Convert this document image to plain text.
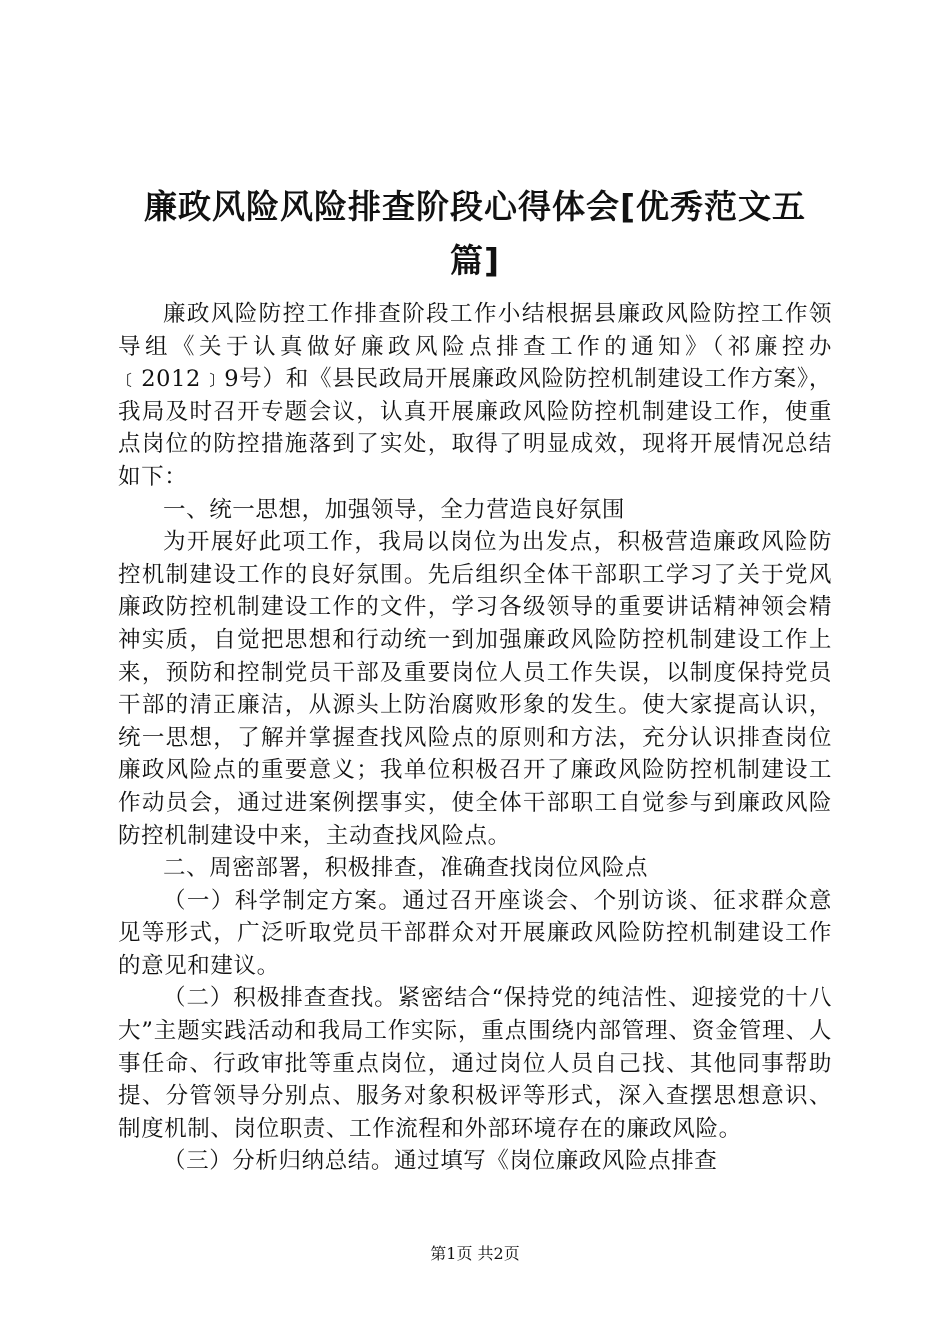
廉政风险风险排查阶段心得体会[优秀范文五篇]

廉政风险防控工作排查阶段工作小结根据县廉政风险防控工作领导组《关于认真做好廉政风险点排查工作的通知》（祁廉控办﹝2012﹞9号）和《县民政局开展廉政风险防控机制建设工作方案》，我局及时召开专题会议，认真开展廉政风险防控机制建设工作，使重点岗位的防控措施落到了实处，取得了明显成效，现将开展情况总结如下：

一、统一思想，加强领导，全力营造良好氛围

为开展好此项工作，我局以岗位为出发点，积极营造廉政风险防控机制建设工作的良好氛围。先后组织全体干部职工学习了关于党风廉政防控机制建设工作的文件，学习各级领导的重要讲话精神领会精神实质，自觉把思想和行动统一到加强廉政风险防控机制建设工作上来，预防和控制党员干部及重要岗位人员工作失误，以制度保持党员干部的清正廉洁，从源头上防治腐败形象的发生。使大家提高认识，统一思想，了解并掌握查找风险点的原则和方法，充分认识排查岗位廉政风险点的重要意义；我单位积极召开了廉政风险防控机制建设工作动员会，通过进案例摆事实，使全体干部职工自觉参与到廉政风险防控机制建设中来，主动查找风险点。

二、周密部署，积极排查，准确查找岗位风险点

（一）科学制定方案。通过召开座谈会、个别访谈、征求群众意见等形式，广泛听取党员干部群众对开展廉政风险防控机制建设工作的意见和建议。

（二）积极排查查找。紧密结合“保持党的纯洁性、迎接党的十八大”主题实践活动和我局工作实际，重点围绕内部管理、资金管理、人事任命、行政审批等重点岗位，通过岗位人员自己找、其他同事帮助提、分管领导分别点、服务对象积极评等形式，深入查摆思想意识、制度机制、岗位职责、工作流程和外部环境存在的廉政风险。

（三）分析归纳总结。通过填写《岗位廉政风险点排查

第1页 共2页
